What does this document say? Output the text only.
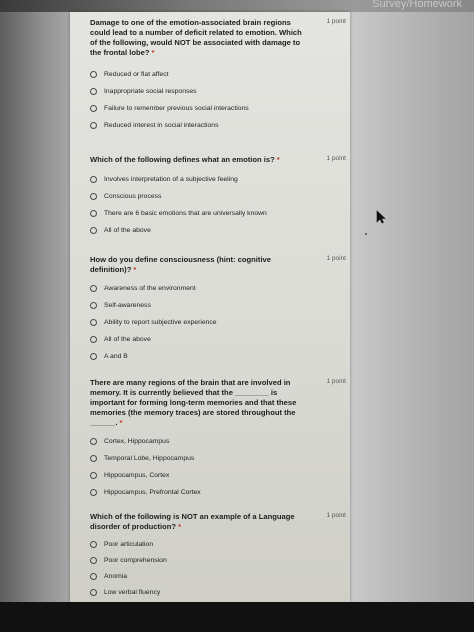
Survey/Homework
Damage to one of the emotion-associated brain regions could lead to a number of deficit related to emotion. Which of the following, would NOT be associated with damage to the frontal lobe? *
1 point
Reduced or flat affect
Inappropriate social responses
Failure to remember previous social interactions
Reduced interest in social interactions
Which of the following defines what an emotion is? *	1 point
Involves interpretation of a subjective feeling
Conscious process
There are 6 basic emotions that are universally known
All of the above
How do you define consciousness (hint: cognitive definition)? *
1 point
Awareness of the environment
Self-awareness
Ability to report subjective experience
All of the above
A and B
There are many regions of the brain that are involved in memory. It is currently believed that the ________ is important for forming long-term memories and that these memories (the memory traces) are stored throughout the ______. *
1 point
Cortex, Hippocampus
Temporal Lobe, Hippocampus
Hippocampus, Cortex
Hippocampus, Prefrontal Cortex
Which of the following is NOT an example of a Language disorder of production? *
1 point
Poor articulation
Poor comprehension
Anomia
Low verbal fluency
